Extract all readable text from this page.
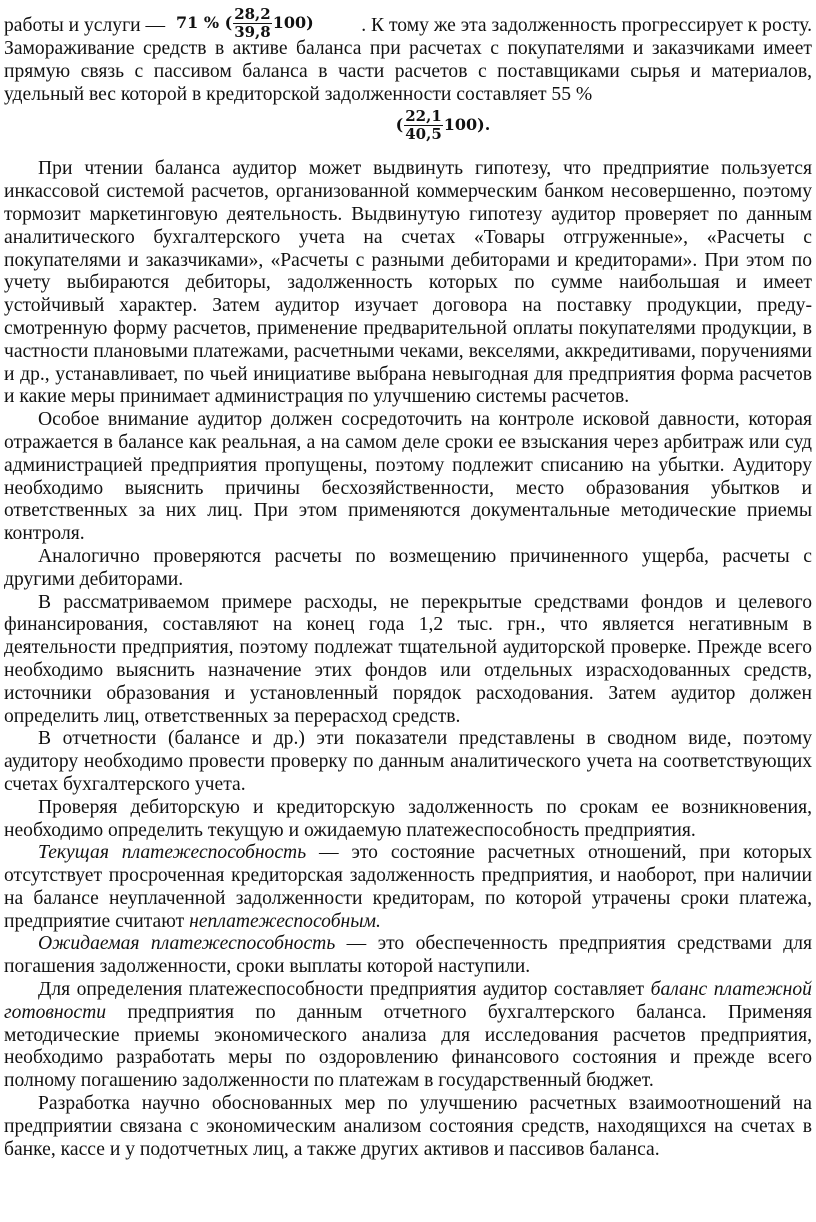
работы и услуги — 71 % ( $\frac{28,2}{39,8} 100$)	. К тому же эта задолженность прогрессирует к росту.

Замораживание средств в активе баланса при расчетах с покупателями и заказчиками имеет прямую связь с пассивом баланса в части расчетов с поставщиками сырья и материалов, удельный вес которой в кредиторской задолженности составляет 55 %

( $\frac{22,1}{40,5} 100$).

При чтении баланса аудитор может выдвинуть гипотезу, что предприятие пользуется инкассовой системой расчетов, организованной коммерческим банком несовершенно, поэтому тормозит маркетинговую деятельность. Выдвинутую гипотезу аудитор проверяет по данным аналитического бухгалтерского учета на счетах «Товары отгруженные», «Расчеты с покупателями и заказчиками», «Расчеты с разными дебиторами и кредиторами». При этом по учету выбираются дебиторы, задолженность которых по сумме наибольшая и имеет устойчивый характер. Затем аудитор изучает договора на поставку продукции, предусмотренную форму расчетов, применение предварительной оплаты покупателями продукции, в частности плановыми платежами, расчетными чеками, векселями, аккредитивами, поручениями и др., устанавливает, по чьей инициативе выбрана невыгодная для предприятия форма расчетов и какие меры принимает администрация по улучшению системы расчетов.

Особое внимание аудитор должен сосредоточить на контроле исковой давности, которая отражается в балансе как реальная, а на самом деле сроки ее взыскания через арбитраж или суд администрацией предприятия пропущены, поэтому подлежит списанию на убытки. Аудитору необходимо выяснить причины бесхозяйственности, место образования убытков и ответственных за них лиц. При этом применяются документальные методические приемы контроля.

Аналогично проверяются расчеты по возмещению причиненного ущерба, расчеты с другими дебиторами.

В рассматриваемом примере расходы, не перекрытые средствами фондов и целевого финансирования, составляют на конец года 1,2 тыс. грн., что является негативным в деятельности предприятия, поэтому подлежат тщательной аудиторской проверке. Прежде всего необходимо выяснить назначение этих фондов или отдельных израсходованных средств, источники образования и установленный порядок расходования. Затем аудитор должен определить лиц, ответственных за перерасход средств.

В отчетности (балансе и др.) эти показатели представлены в сводном виде, поэтому аудитору необходимо провести проверку по данным аналитического учета на соответствующих счетах бухгалтерского учета.

Проверяя дебиторскую и кредиторскую задолженность по срокам ее возникновения, необходимо определить текущую и ожидаемую платежеспособность предприятия.

Текущая платежеспособность — это состояние расчетных отношений, при которых отсутствует просроченная кредиторская задолженность предприятия, и наоборот, при наличии на балансе неуплаченной задолженности кредиторам, по которой утрачены сроки платежа, предприятие считают неплатежеспособным.

Ожидаемая платежеспособность — это обеспеченность предприятия средствами для погашения задолженности, сроки выплаты которой наступили.

Для определения платежеспособности предприятия аудитор составляет баланс платежной готовности предприятия по данным отчетного бухгалтерского баланса. Применяя методические приемы экономического анализа для исследования расчетов предприятия, необходимо разработать меры по оздоровлению финансового состояния и прежде всего полному погашению задолженности по платежам в государственный бюджет.

Разработка научно обоснованных мер по улучшению расчетных взаимоотношений на предприятии связана с экономическим анализом состояния средств, находящихся на счетах в банке, кассе и у подотчетных лиц, а также других активов и пассивов баланса.
